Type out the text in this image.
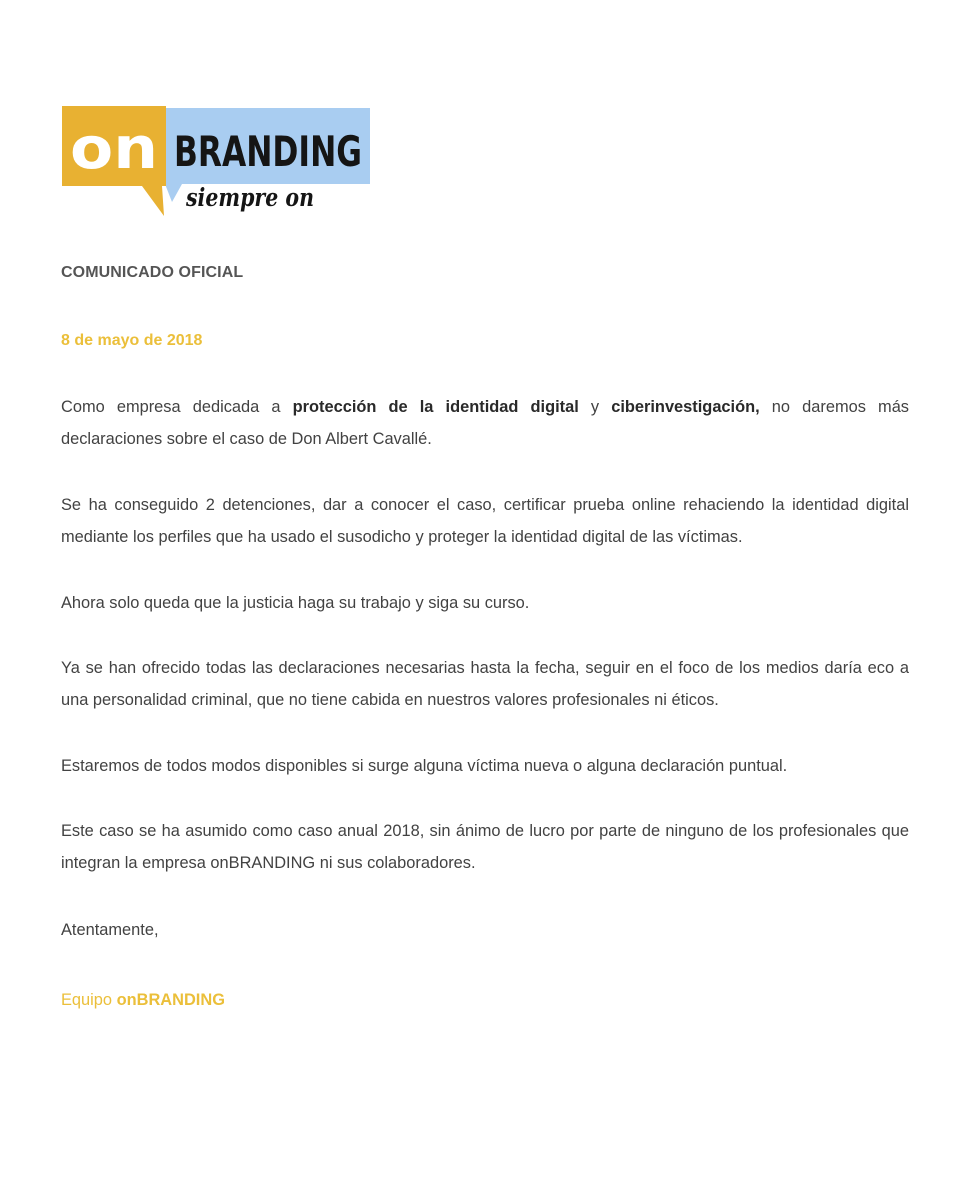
on BRANDING
siempre on

COMUNICADO OFICIAL

8 de mayo de 2018

Como empresa dedicada a protección de la identidad digital y ciberinvestigación, no daremos más declaraciones sobre el caso de Don Albert Cavallé.

Se ha conseguido 2 detenciones, dar a conocer el caso, certificar prueba online rehaciendo la identidad digital mediante los perfiles que ha usado el susodicho y proteger la identidad digital de las víctimas.

Ahora solo queda que la justicia haga su trabajo y siga su curso.

Ya se han ofrecido todas las declaraciones necesarias hasta la fecha, seguir en el foco de los medios daría eco a una personalidad criminal, que no tiene cabida en nuestros valores profesionales ni éticos.

Estaremos de todos modos disponibles si surge alguna víctima nueva o alguna declaración puntual.

Este caso se ha asumido como caso anual 2018, sin ánimo de lucro por parte de ninguno de los profesionales que integran la empresa onBRANDING ni sus colaboradores.

Atentamente,

Equipo onBRANDING
